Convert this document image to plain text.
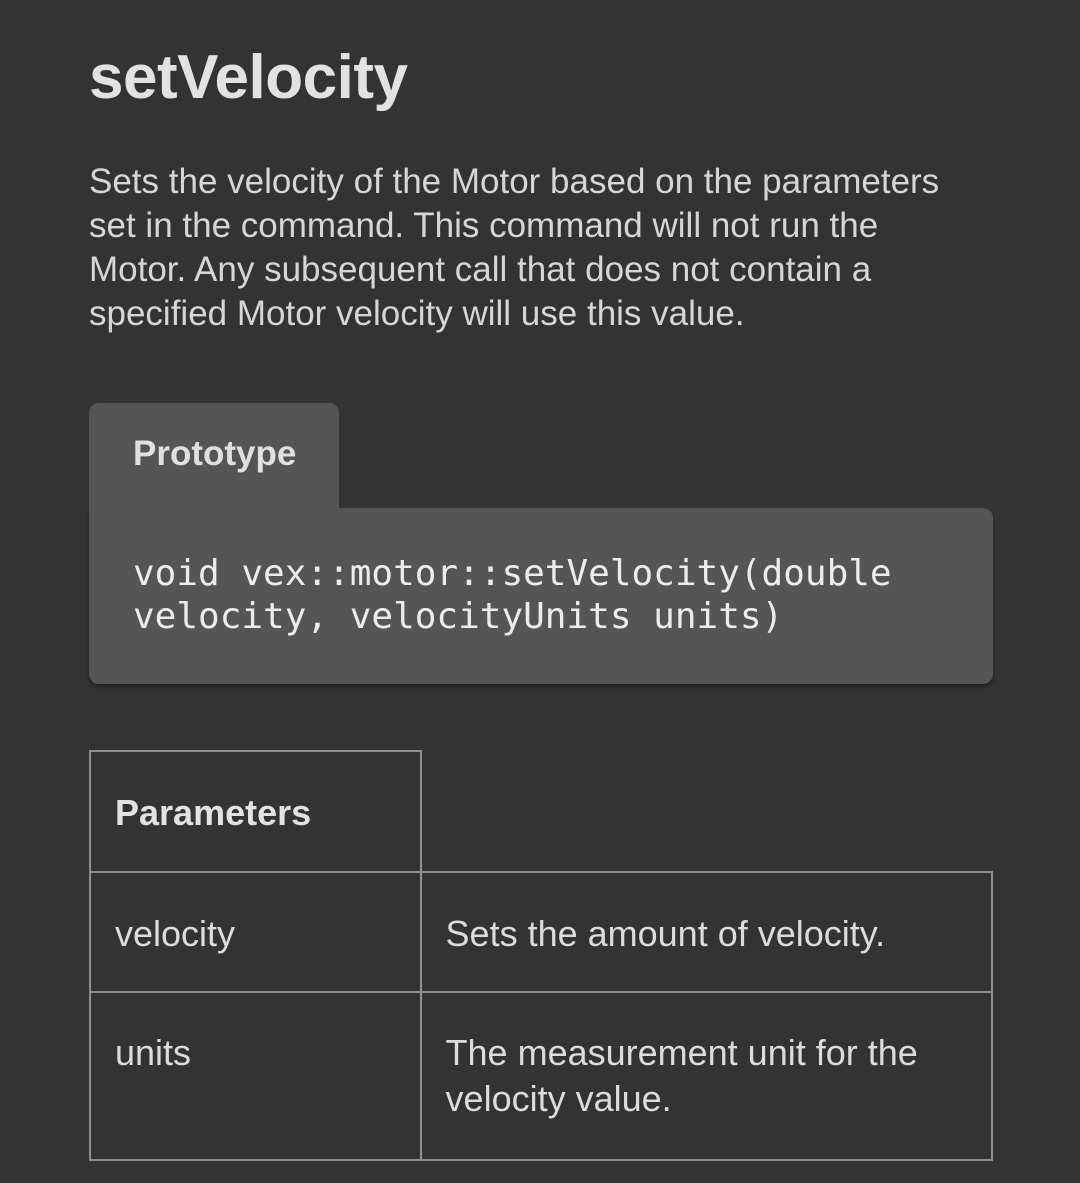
setVelocity

Sets the velocity of the Motor based on the parameters set in the command. This command will not run the Motor. Any subsequent call that does not contain a specified Motor velocity will use this value.

Prototype
void vex::motor::setVelocity(double
velocity, velocityUnits units)
Parameters	
velocity	Sets the amount of velocity.
units	The measurement unit for the velocity value.
